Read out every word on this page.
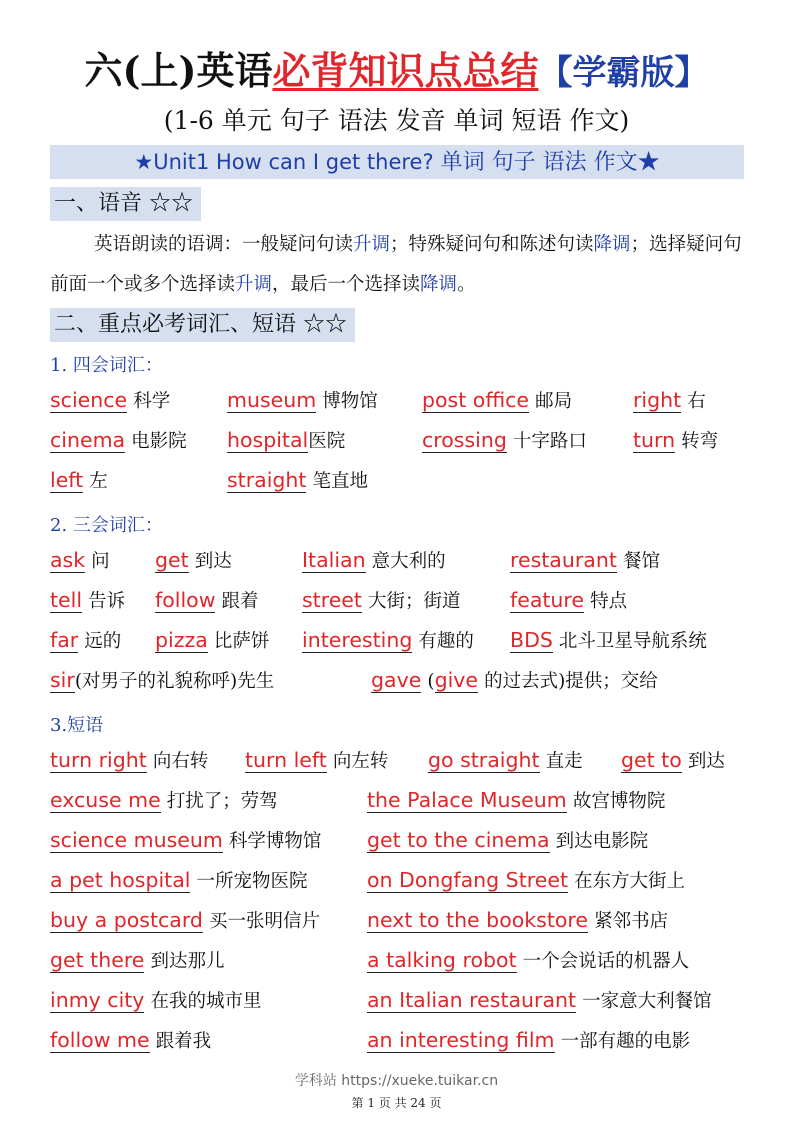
六(上)英语必背知识点总结【学霸版】
(1-6 单元 句子 语法 发音 单词 短语 作文)
★Unit1 How can I get there? 单词 句子 语法 作文★
一、语音 ☆☆
英语朗读的语调：一般疑问句读升调；特殊疑问句和陈述句读降调；选择疑问句前面一个或多个选择读升调，最后一个选择读降调。
二、重点必考词汇、短语 ☆☆
1. 四会词汇：
science 科学	museum 博物馆 post office 邮局	right 右
cinema 电影院 hospital医院	crossing 十字路口 turn 转弯
left 左	straight 笔直地
2. 三会词汇：
ask 问 get 到达	Italian 意大利的	restaurant 餐馆
tell 告诉 follow 跟着 street 大街；街道 feature 特点
far 远的 pizza 比萨饼 interesting 有趣的 BDS 北斗卫星导航系统
sir(对男子的礼貌称呼)先生	gave (give 的过去式)提供；交给
3.短语
turn right 向右转 turn left 向左转 go straight 直走 get to 到达
excuse me 打扰了；劳驾	the Palace Museum 故宫博物院
science museum 科学博物馆 get to the cinema 到达电影院
a pet hospital 一所宠物医院	on Dongfang Street 在东方大街上
buy a postcard 买一张明信片 next to the bookstore 紧邻书店
get there 到达那儿	a talking robot 一个会说话的机器人
inmy city 在我的城市里	an Italian restaurant 一家意大利餐馆
follow me 跟着我	an interesting film 一部有趣的电影
学科站 https://xueke.tuikar.cn
第 1 页 共 24 页
